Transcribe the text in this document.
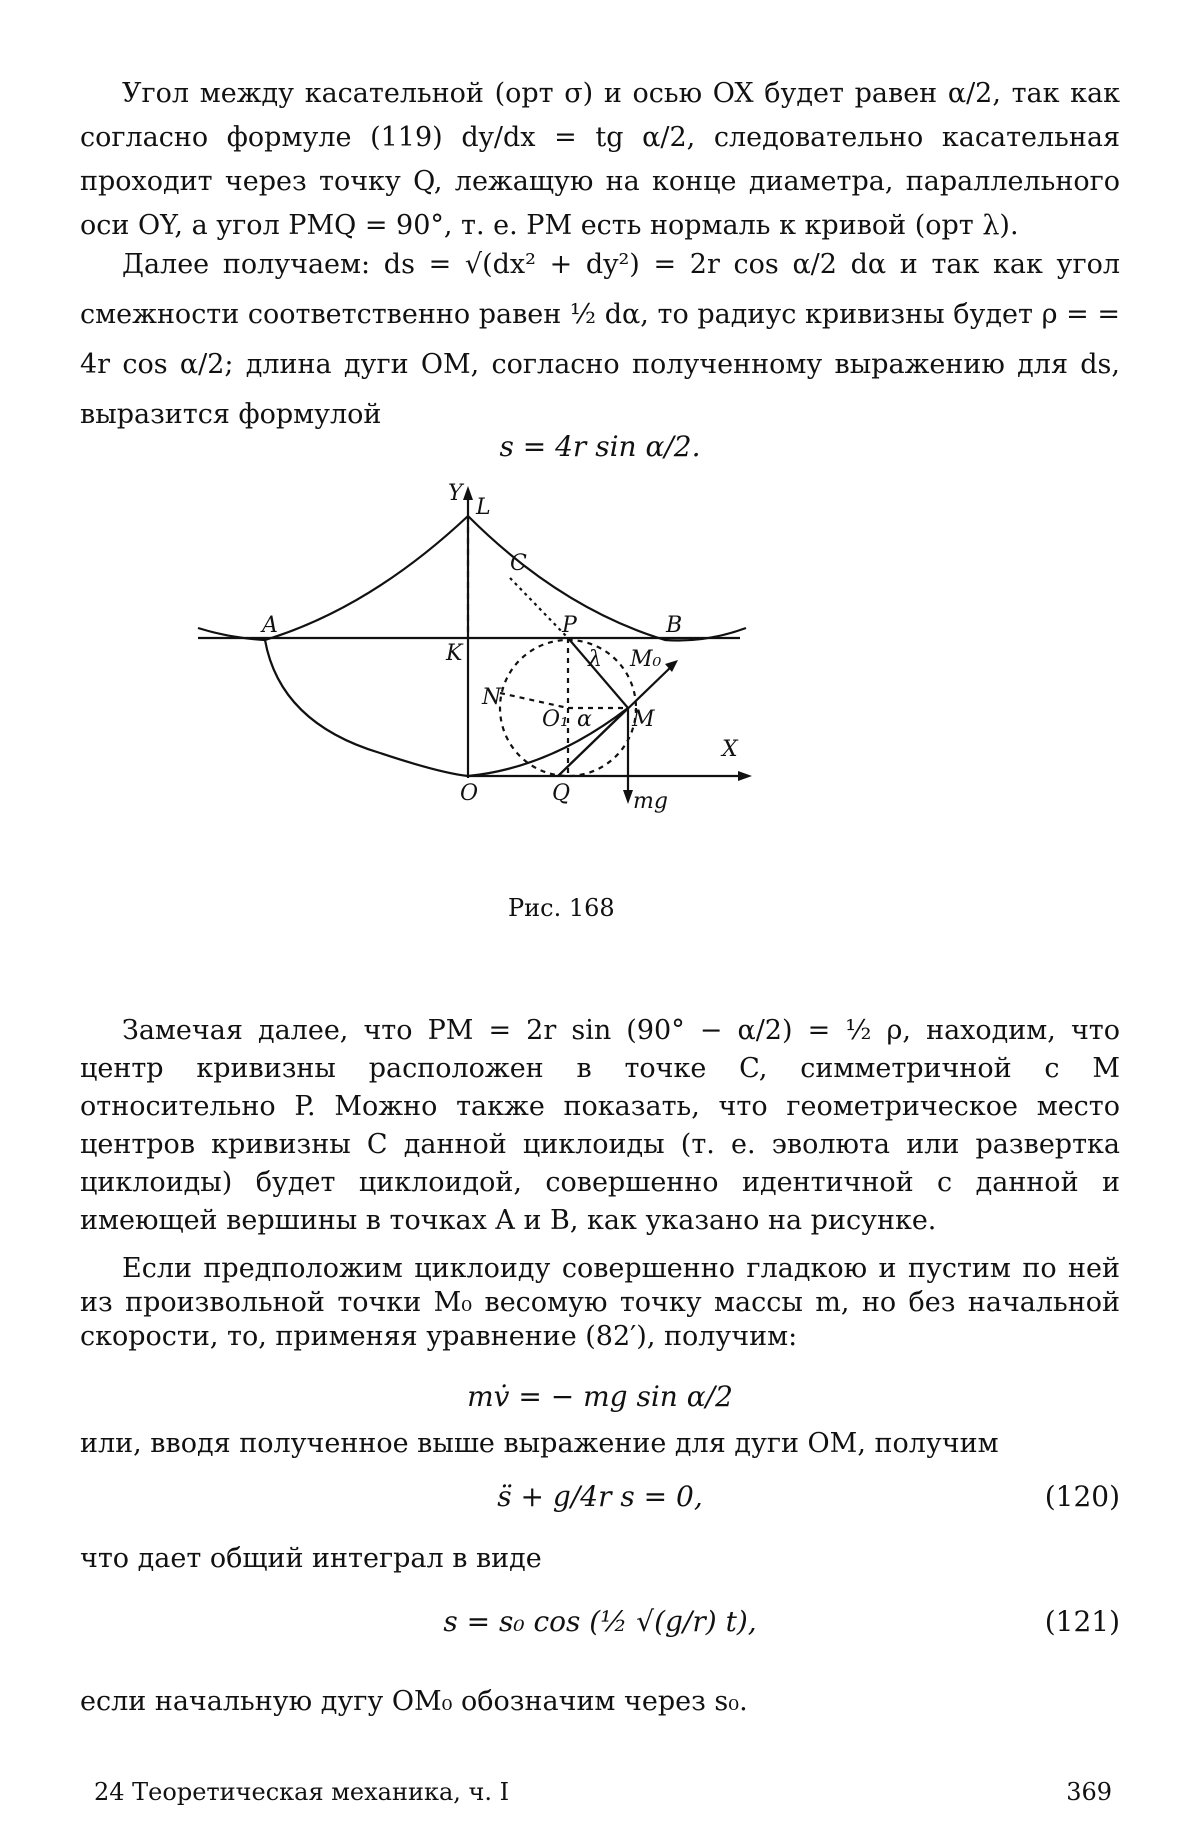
Угол между касательной (орт σ) и осью OX будет равен α/2, так как согласно формуле (119) dy/dx = tg α/2, следовательно касательная проходит через точку Q, лежащую на конце диаметра, параллельного оси OY, а угол PMQ = 90°, т. е. PM есть нормаль к кривой (орт λ).

Далее получаем: ds = √(dx² + dy²) = 2r cos α/2 dα и так как угол смежности соответственно равен ½ dα, то радиус кривизны будет ρ = = 4r cos α/2; длина дуги OM, согласно полученному выражению для ds, выразится формулой

s = 4r sin α/2.
Y
L
C
A	P	B
K	λ M₀
N
O₁ α M
X
O	Q	mg
Рис. 168

Замечая далее, что PM = 2r sin (90° − α/2) = ½ ρ, находим, что центр кривизны расположен в точке C, симметричной с M относительно P. Можно также показать, что геометрическое место центров кривизны C данной циклоиды (т. е. эволюта или развертка циклоиды) будет циклоидой, совершенно идентичной с данной и имеющей вершины в точках A и B, как указано на рисунке.

Если предположим циклоиду совершенно гладкою и пустим по ней из произвольной точки M₀ весомую точку массы m, но без начальной скорости, то, применяя уравнение (82′), получим:

mv̇ = − mg sin α/2

или, вводя полученное выше выражение для дуги OM, получим

s̈ + g/4r s = 0,	(120)

что дает общий интеграл в виде

s = s₀ cos (½ √(g/r) t),	(121)

если начальную дугу OM₀ обозначим через s₀.

24 Теоретическая механика, ч. I	369
